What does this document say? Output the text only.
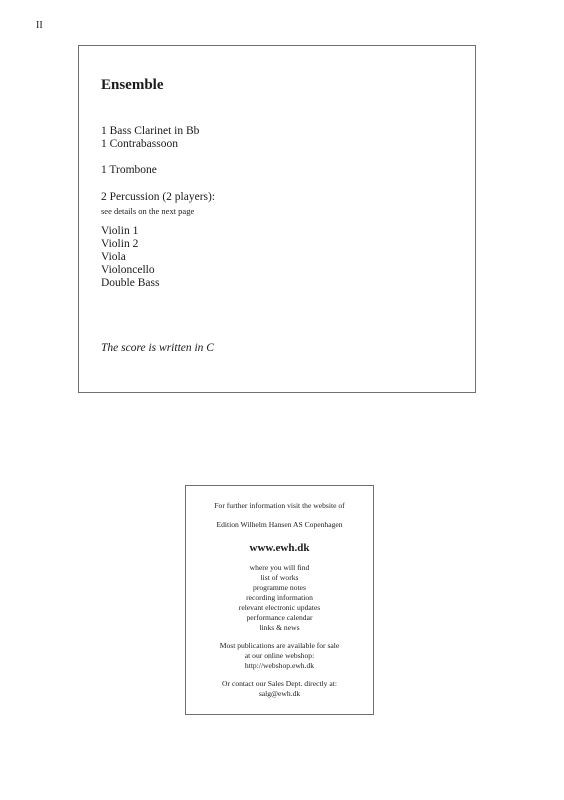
II
Ensemble
1 Bass Clarinet in Bb
1 Contrabassoon
1 Trombone
2 Percussion (2 players):
see details on the next page
Violin 1
Violin 2
Viola
Violoncello
Double Bass
The score is written in C
For further information visit the website of
Edition Wilhelm Hansen AS Copenhagen
www.ewh.dk
where you will find
list of works
programme notes
recording information
relevant electronic updates
performance calendar
links & news
Most publications are available for sale
at our online webshop:
http://webshop.ewh.dk
Or contact our Sales Dept. directly at:
salg@ewh.dk
